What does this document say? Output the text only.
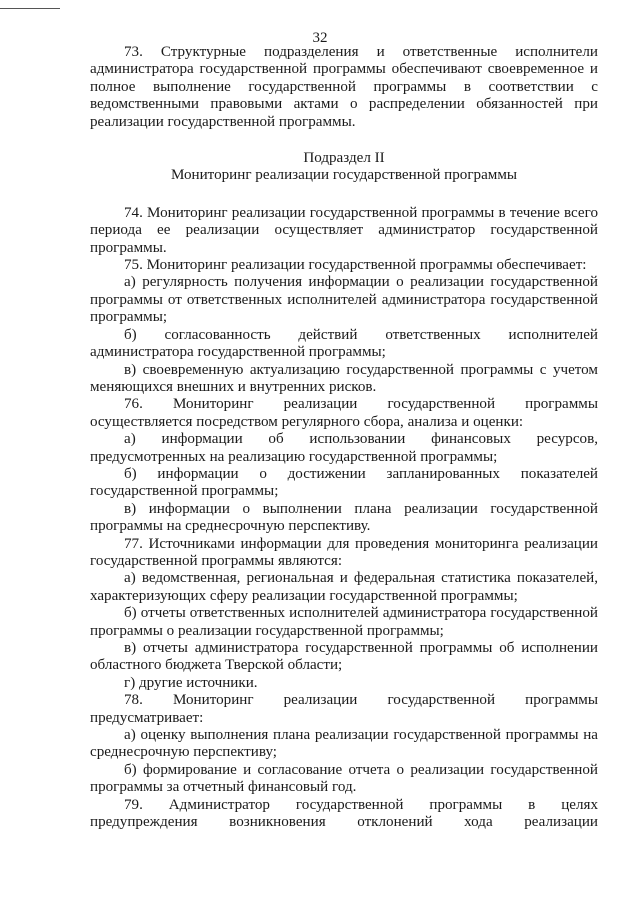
32

73. Структурные подразделения и ответственные исполнители администратора государственной программы обеспечивают своевременное и полное выполнение государственной программы в соответствии с ведомственными правовыми актами о распределении обязанностей при реализации государственной программы.

Подраздел II

Мониторинг реализации государственной программы

74. Мониторинг реализации государственной программы в течение всего периода ее реализации осуществляет администратор государственной программы.

75. Мониторинг реализации государственной программы обеспечивает:

а) регулярность получения информации о реализации государственной программы от ответственных исполнителей администратора государственной программы;

б) согласованность действий ответственных исполнителей администратора государственной программы;

в) своевременную актуализацию государственной программы с учетом меняющихся внешних и внутренних рисков.

76. Мониторинг реализации государственной программы осуществляется посредством регулярного сбора, анализа и оценки:

а) информации об использовании финансовых ресурсов, предусмотренных на реализацию государственной программы;

б) информации о достижении запланированных показателей государственной программы;

в) информации о выполнении плана реализации государственной программы на среднесрочную перспективу.

77. Источниками информации для проведения мониторинга реализации государственной программы являются:

а) ведомственная, региональная и федеральная статистика показателей, характеризующих сферу реализации государственной программы;

б) отчеты ответственных исполнителей администратора государственной программы о реализации государственной программы;

в) отчеты администратора государственной программы об исполнении областного бюджета Тверской области;

г) другие источники.

78. Мониторинг реализации государственной программы предусматривает:

а) оценку выполнения плана реализации государственной программы на среднесрочную перспективу;

б) формирование и согласование отчета о реализации государственной программы за отчетный финансовый год.

79. Администратор государственной программы в целях предупреждения возникновения отклонений хода реализации
